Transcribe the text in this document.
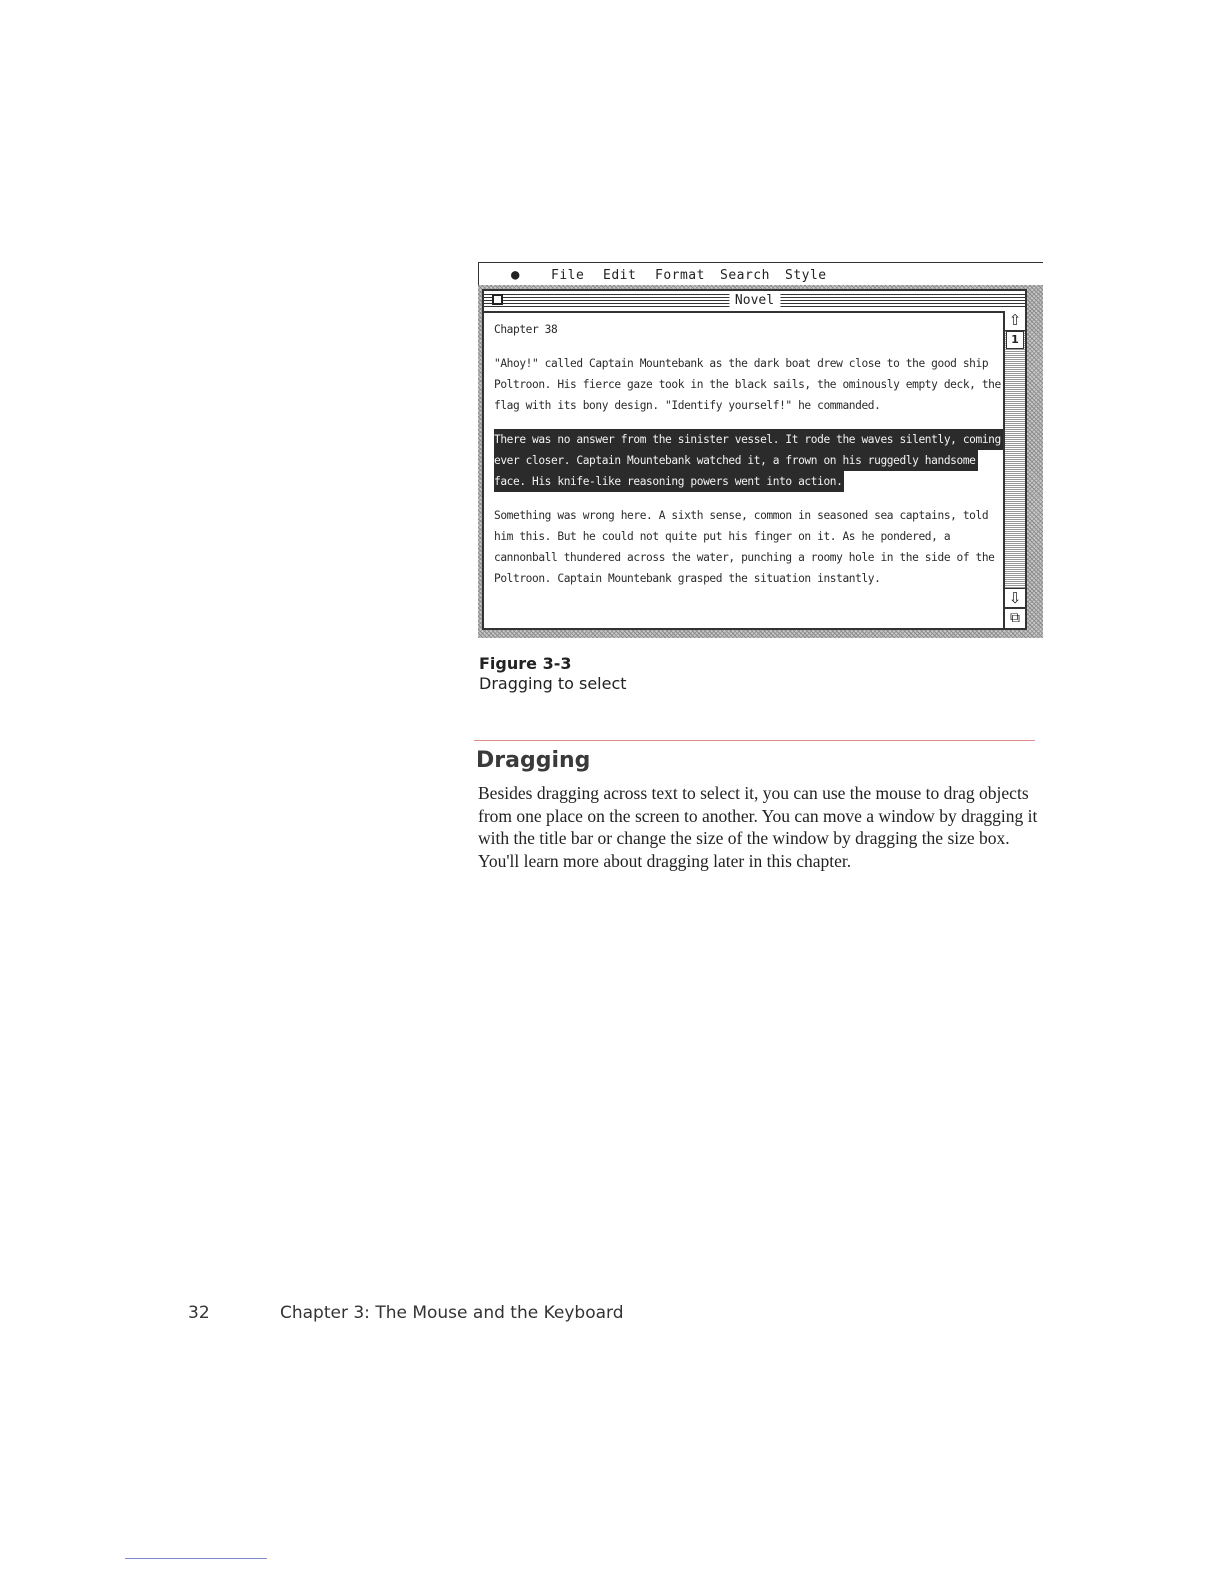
● File Edit Format Search Style
Novel

Chapter 38

"Ahoy!" called Captain Mountebank as the dark boat drew close to the good ship
Poltroon. His fierce gaze took in the black sails, the ominously empty deck, the
flag with its bony design. "Identify yourself!" he commanded.

There was no answer from the sinister vessel. It rode the waves silently, coming
ever closer. Captain Mountebank watched it, a frown on his ruggedly handsome
face. His knife-like reasoning powers went into action.

Something was wrong here. A sixth sense, common in seasoned sea captains, told
him this. But he could not quite put his finger on it. As he pondered, a
cannonball thundered across the water, punching a roomy hole in the side of the
Poltroon. Captain Mountebank grasped the situation instantly.

⇧
1
⇩
⧉
Figure 3-3
Dragging to select
Dragging

Besides dragging across text to select it, you can use the mouse to drag objects from one place on the screen to another. You can move a window by dragging it with the title bar or change the size of the window by dragging the size box. You'll learn more about dragging later in this chapter.

32	Chapter 3: The Mouse and the Keyboard
